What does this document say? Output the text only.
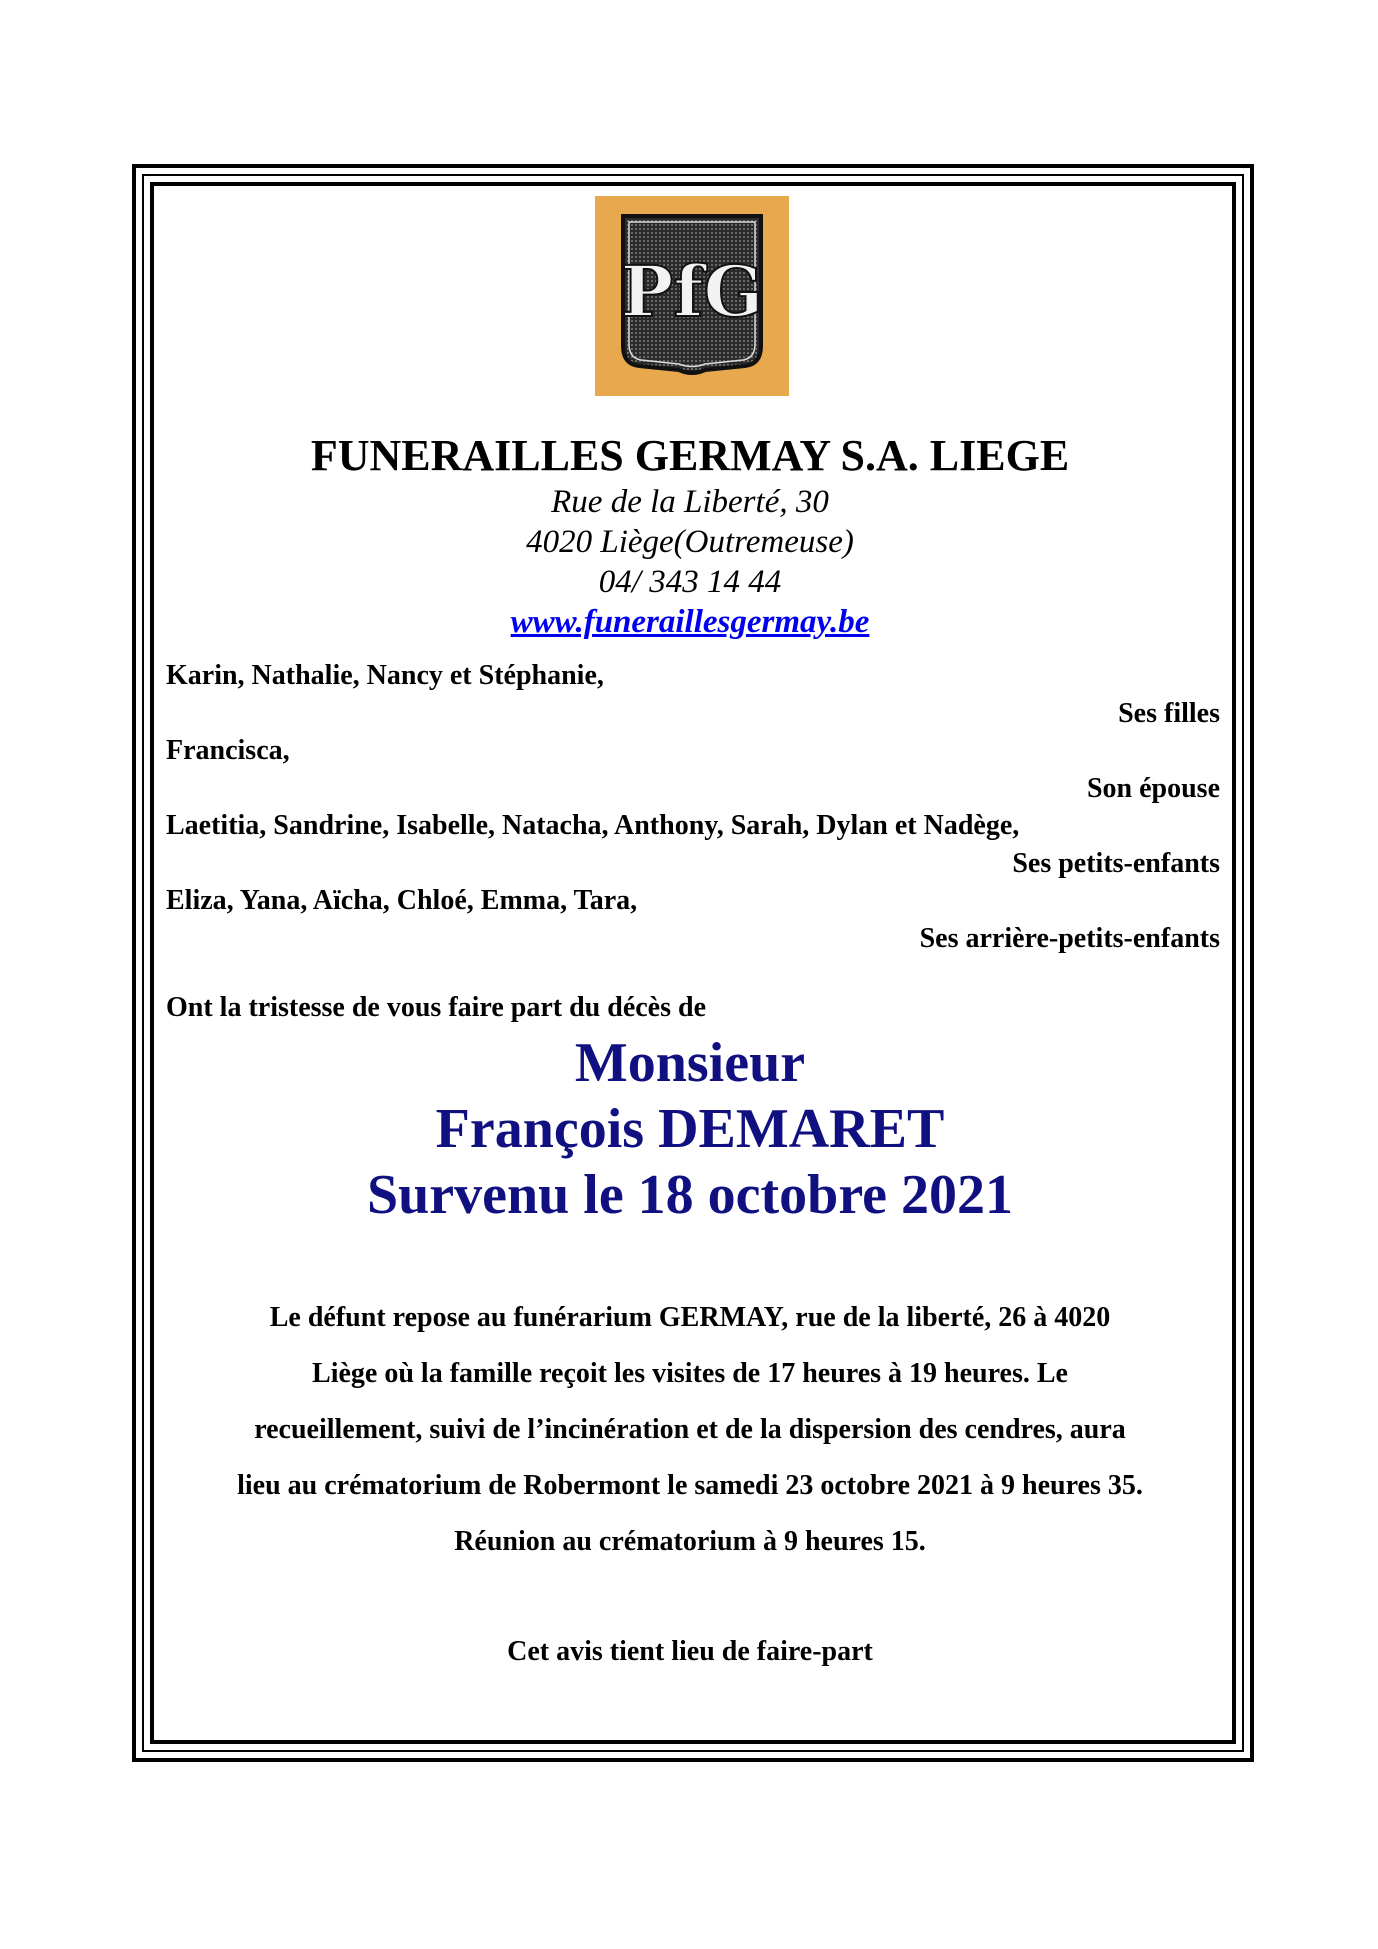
PfG
FUNERAILLES GERMAY S.A. LIEGE
Rue de la Liberté, 30
4020 Liège(Outremeuse)
04/ 343 14 44
www.funeraillesgermay.be
Karin, Nathalie, Nancy et Stéphanie,
Ses filles
Francisca,
Son épouse
Laetitia, Sandrine, Isabelle, Natacha, Anthony, Sarah, Dylan et Nadège,
Ses petits-enfants
Eliza, Yana, Aïcha, Chloé, Emma, Tara,
Ses arrière-petits-enfants
Ont la tristesse de vous faire part du décès de
Monsieur
François DEMARET
Survenu le 18 octobre 2021
Le défunt repose au funérarium GERMAY, rue de la liberté, 26 à 4020
Liège où la famille reçoit les visites de 17 heures à 19 heures. Le
recueillement, suivi de l’incinération et de la dispersion des cendres, aura
lieu au crématorium de Robermont le samedi 23 octobre 2021 à 9 heures 35.
Réunion au crématorium à 9 heures 15.
Cet avis tient lieu de faire-part
